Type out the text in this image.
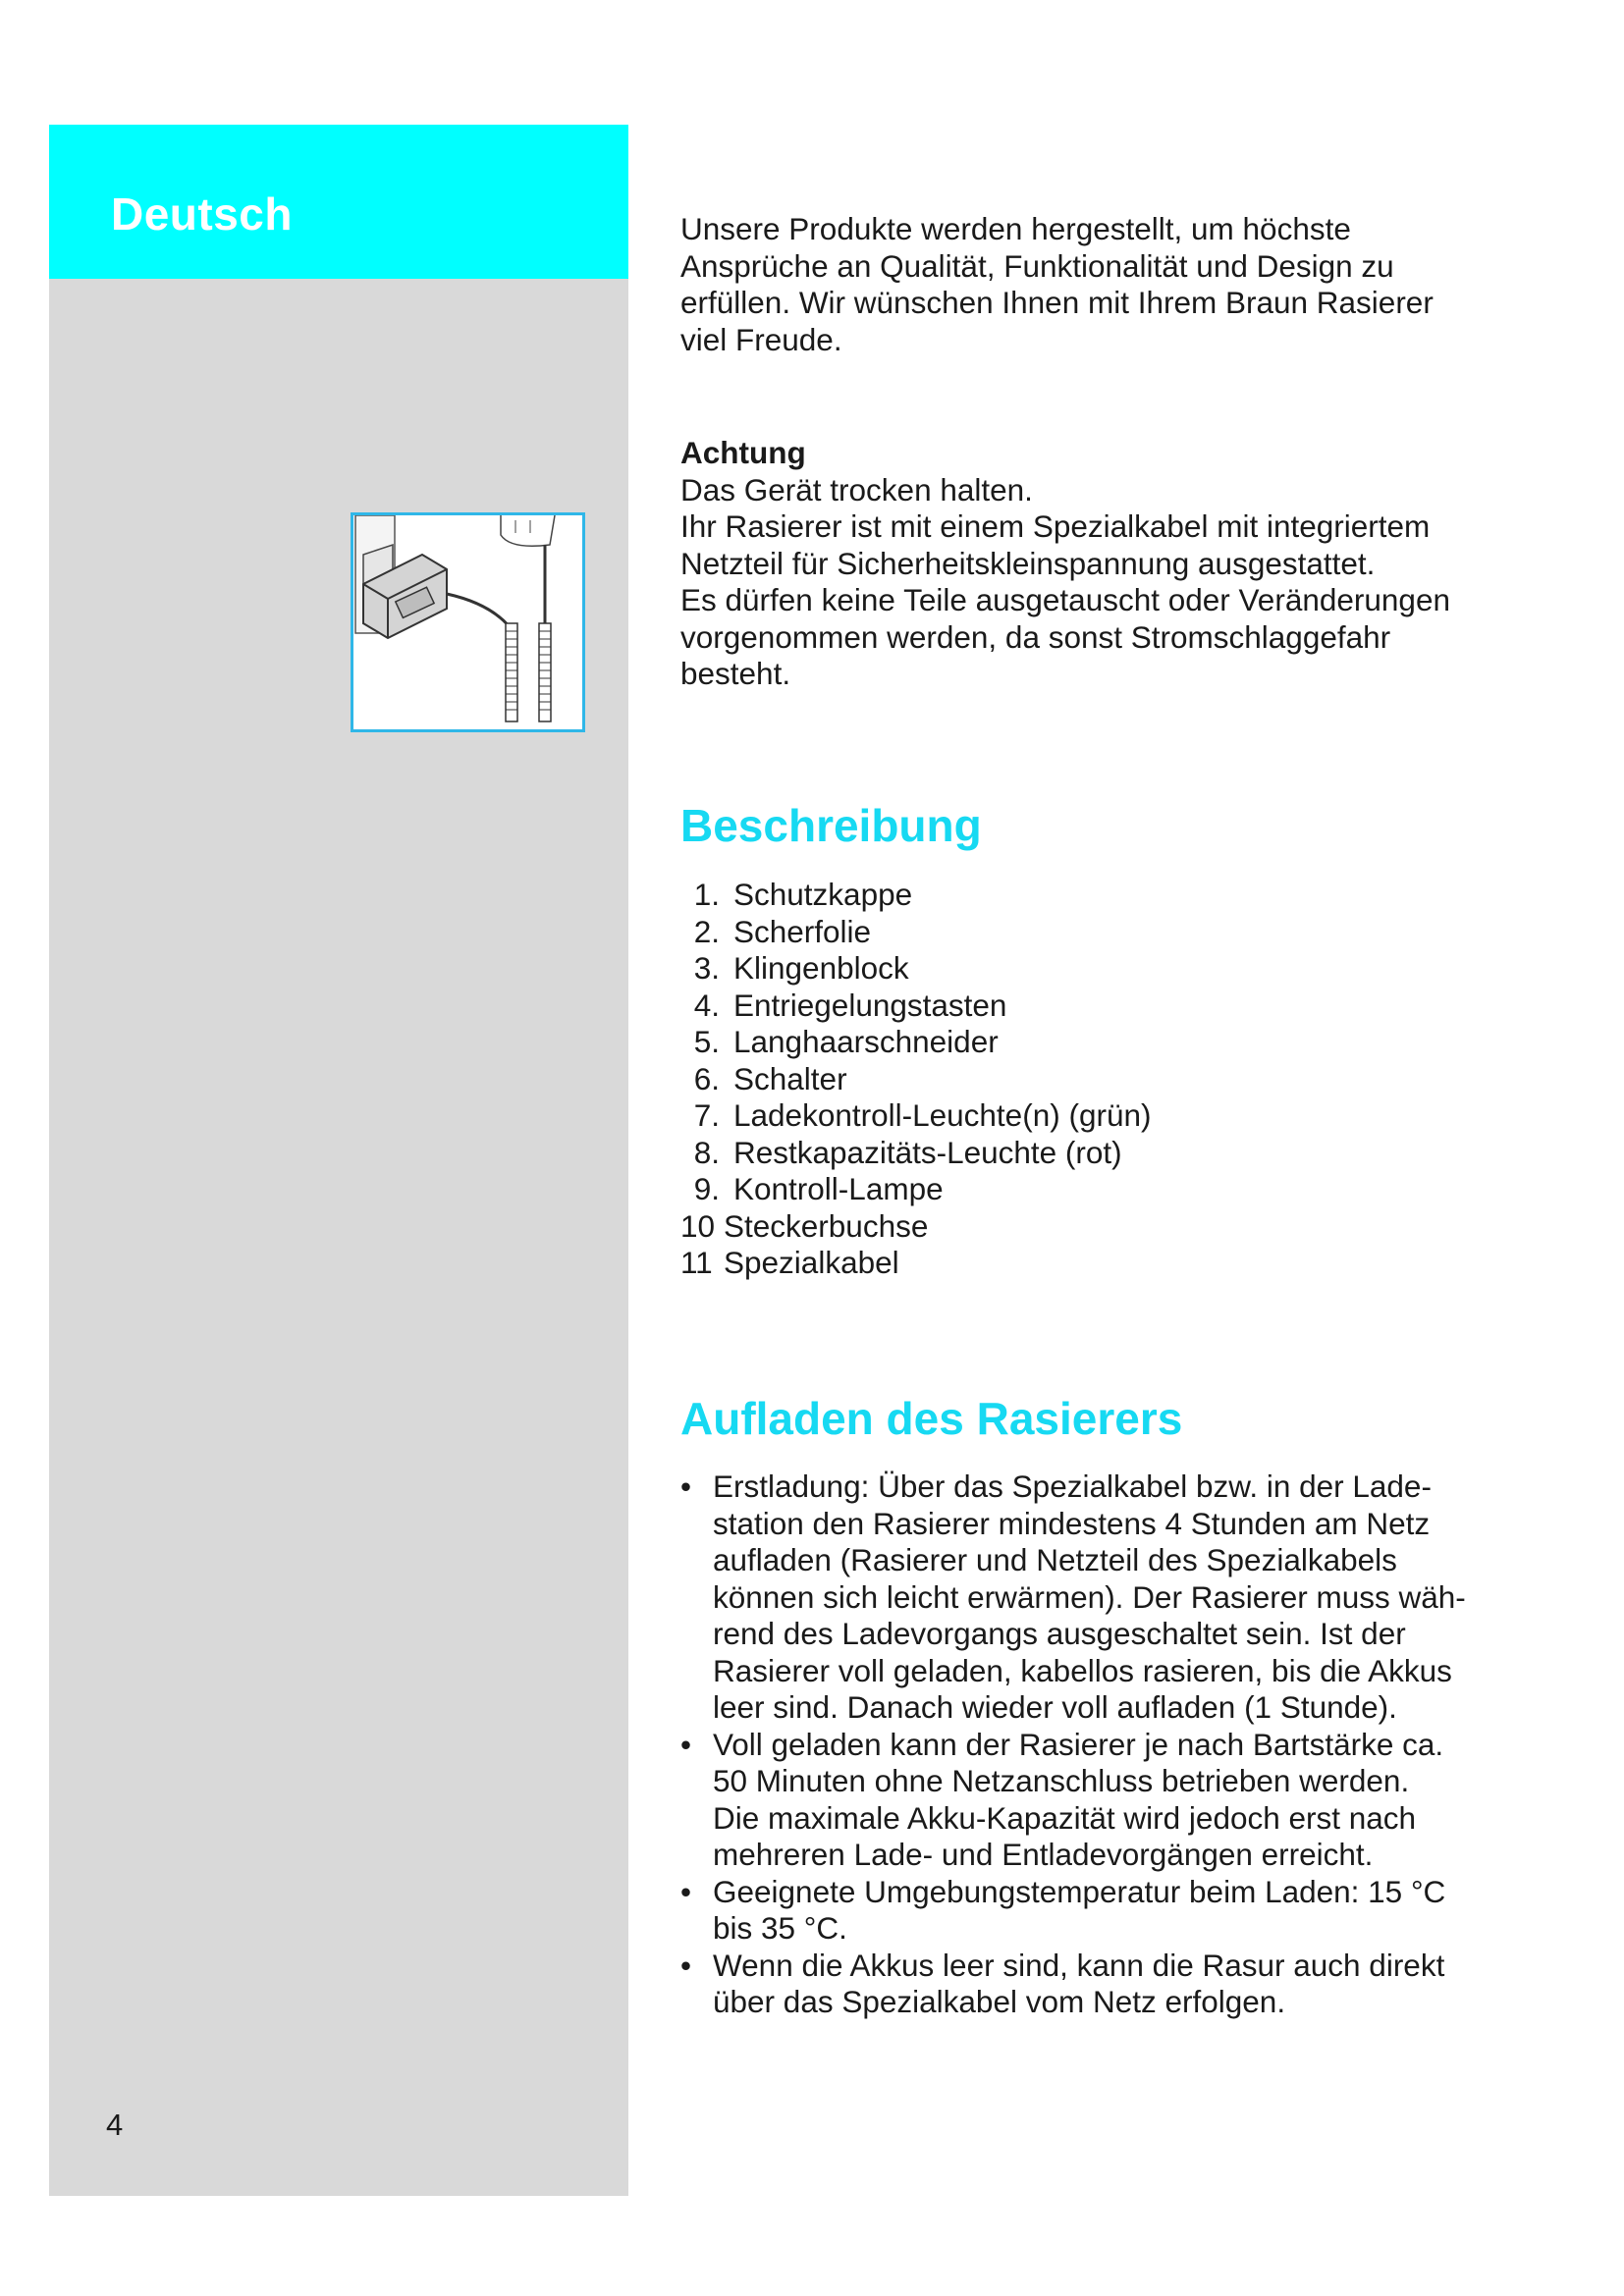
Deutsch
4

Unsere Produkte werden hergestellt, um höchste

Ansprüche an Qualität, Funktionalität und Design zu

erfüllen. Wir wünschen Ihnen mit Ihrem Braun Rasierer

viel Freude.

Achtung

Das Gerät trocken halten.

Ihr Rasierer ist mit einem Spezialkabel mit integriertem

Netzteil für Sicherheitskleinspannung ausgestattet.

Es dürfen keine Teile ausgetauscht oder Veränderungen

vorgenommen werden, da sonst Stromschlaggefahr

besteht.

Beschreibung
1. Schutzkappe
2. Scherfolie
3. Klingenblock
4. Entriegelungstasten
5. Langhaarschneider
6. Schalter
7. Ladekontroll-Leuchte(n) (grün)
8. Restkapazitäts-Leuchte (rot)
9. Kontroll-Lampe
10 Steckerbuchse
11 Spezialkabel
Aufladen des Rasierers
• Erstladung: Über das Spezialkabel bzw. in der Lade-

station den Rasierer mindestens 4 Stunden am Netz

aufladen (Rasierer und Netzteil des Spezialkabels

können sich leicht erwärmen). Der Rasierer muss wäh-

rend des Ladevorgangs ausgeschaltet sein. Ist der

Rasierer voll geladen, kabellos rasieren, bis die Akkus

leer sind. Danach wieder voll aufladen (1 Stunde).

• Voll geladen kann der Rasierer je nach Bartstärke ca.

50 Minuten ohne Netzanschluss betrieben werden.

Die maximale Akku-Kapazität wird jedoch erst nach

mehreren Lade- und Entladevorgängen erreicht.

• Geeignete Umgebungstemperatur beim Laden: 15 °C

bis 35 °C.

• Wenn die Akkus leer sind, kann die Rasur auch direkt

über das Spezialkabel vom Netz erfolgen.
